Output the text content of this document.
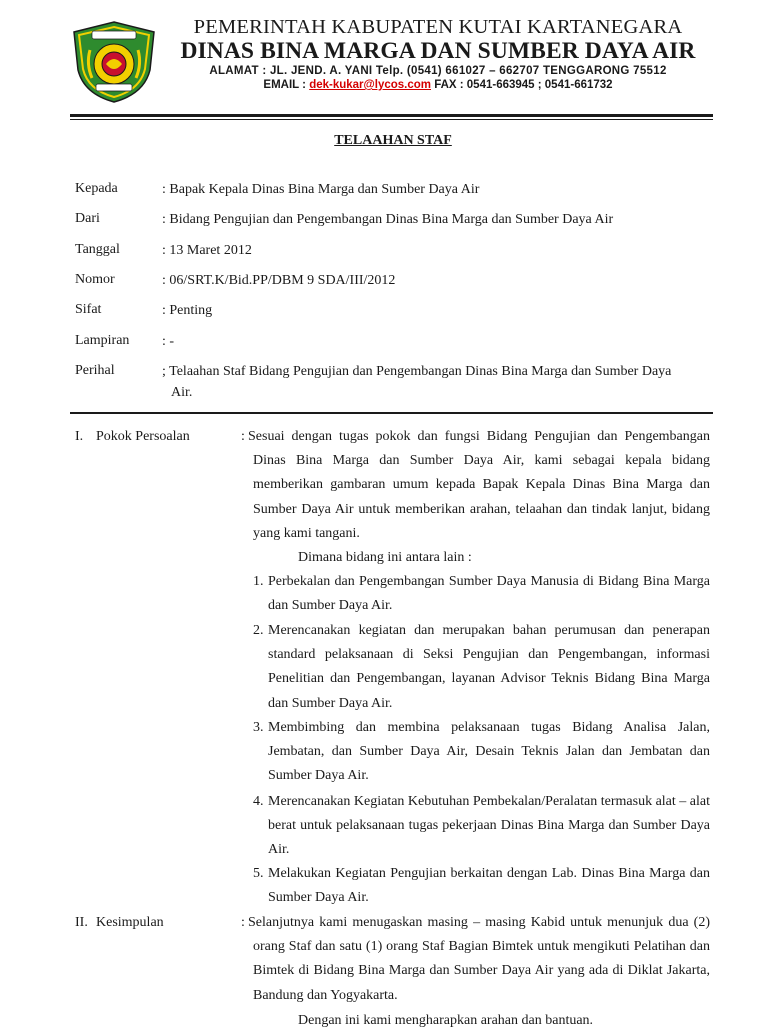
PEMERINTAH KABUPATEN KUTAI KARTANEGARA
DINAS BINA MARGA DAN SUMBER DAYA AIR
ALAMAT : JL. JEND. A. YANI Telp. (0541) 661027 – 662707 TENGGARONG 75512
EMAIL : dek-kukar@lycos.com FAX : 0541-663945 ; 0541-661732
TELAAHAN STAF
Kepada	: Bapak Kepala Dinas Bina Marga dan Sumber Daya Air
Dari	: Bidang Pengujian dan Pengembangan Dinas Bina Marga dan Sumber Daya Air
Tanggal	: 13 Maret 2012
Nomor	: 06/SRT.K/Bid.PP/DBM 9 SDA/III/2012
Sifat	: Penting
Lampiran : -
Perihal	; Telaahan Staf Bidang Pengujian dan Pengembangan Dinas Bina Marga dan Sumber Daya
Air.
I. Pokok Persoalan	: Sesuai dengan tugas pokok dan fungsi Bidang Pengujian dan Pengembangan Dinas Bina Marga dan Sumber Daya Air, kami sebagai kepala bidang memberikan gambaran umum kepada Bapak Kepala Dinas Bina Marga dan Sumber Daya Air untuk memberikan arahan, telaahan dan tindak lanjut, bidang yang kami tangani.
Dimana bidang ini antara lain :
1. Perbekalan dan Pengembangan Sumber Daya Manusia di Bidang Bina Marga dan Sumber Daya Air.
2. Merencanakan kegiatan dan merupakan bahan perumusan dan penerapan standard pelaksanaan di Seksi Pengujian dan Pengembangan, informasi Penelitian dan Pengembangan, layanan Advisor Teknis Bidang Bina Marga dan Sumber Daya Air.
3. Membimbing dan membina pelaksanaan tugas Bidang Analisa Jalan, Jembatan, dan Sumber Daya Air, Desain Teknis Jalan dan Jembatan dan Sumber Daya Air.
4. Merencanakan Kegiatan Kebutuhan Pembekalan/Peralatan termasuk alat – alat berat untuk pelaksanaan tugas pekerjaan Dinas Bina Marga dan Sumber Daya Air.
5. Melakukan Kegiatan Pengujian berkaitan dengan Lab. Dinas Bina Marga dan Sumber Daya Air.
II. Kesimpulan	: Selanjutnya kami menugaskan masing – masing Kabid untuk menunjuk dua (2) orang Staf dan satu (1) orang Staf Bagian Bimtek untuk mengikuti Pelatihan dan Bimtek di Bidang Bina Marga dan Sumber Daya Air yang ada di Diklat Jakarta, Bandung dan Yogyakarta.
Dengan ini kami mengharapkan arahan dan bantuan.
